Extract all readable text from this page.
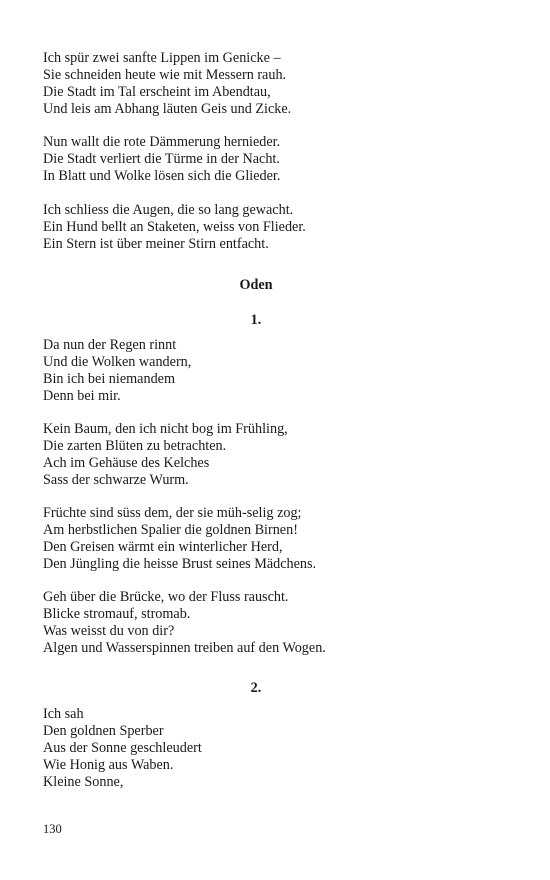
Ich spür zwei sanfte Lippen im Genicke –
Sie schneiden heute wie mit Messern rauh.
Die Stadt im Tal erscheint im Abendtau,
Und leis am Abhang läuten Geis und Zicke.
Nun wallt die rote Dämmerung hernieder.
Die Stadt verliert die Türme in der Nacht.
In Blatt und Wolke lösen sich die Glieder.
Ich schliess die Augen, die so lang gewacht.
Ein Hund bellt an Staketen, weiss von Flieder.
Ein Stern ist über meiner Stirn entfacht.
Oden
1.
Da nun der Regen rinnt
Und die Wolken wandern,
Bin ich bei niemandem
Denn bei mir.
Kein Baum, den ich nicht bog im Frühling,
Die zarten Blüten zu betrachten.
Ach im Gehäuse des Kelches
Sass der schwarze Wurm.
Früchte sind süss dem, der sie müh-selig zog;
Am herbstlichen Spalier die goldnen Birnen!
Den Greisen wärmt ein winterlicher Herd,
Den Jüngling die heisse Brust seines Mädchens.
Geh über die Brücke, wo der Fluss rauscht.
Blicke stromauf, stromab.
Was weisst du von dir?
Algen und Wasserspinnen treiben auf den Wogen.
2.
Ich sah
Den goldnen Sperber
Aus der Sonne geschleudert
Wie Honig aus Waben.
Kleine Sonne,
130
